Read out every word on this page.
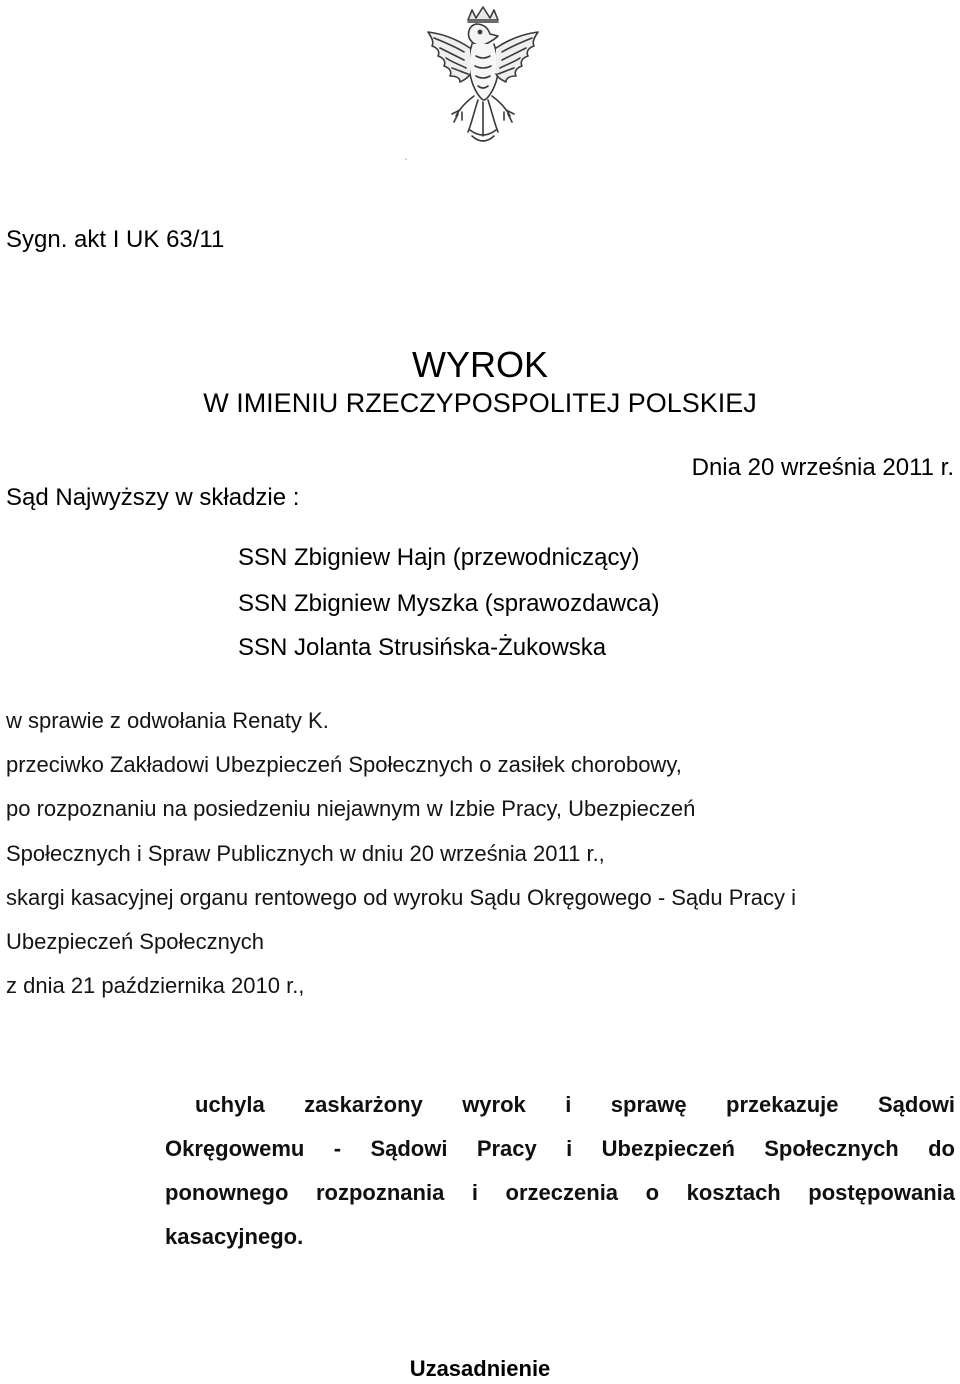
Sygn. akt I UK 63/11
WYROK
W IMIENIU RZECZYPOSPOLITEJ POLSKIEJ
Dnia 20 września 2011 r.
Sąd Najwyższy w składzie :
SSN Zbigniew Hajn (przewodniczący)
SSN Zbigniew Myszka (sprawozdawca)
SSN Jolanta Strusińska-Żukowska
w sprawie z odwołania Renaty K.
przeciwko Zakładowi Ubezpieczeń Społecznych o zasiłek chorobowy,
po rozpoznaniu na posiedzeniu niejawnym w Izbie Pracy, Ubezpieczeń
Społecznych i Spraw Publicznych w dniu 20 września 2011 r.,
skargi kasacyjnej organu rentowego od wyroku Sądu Okręgowego - Sądu Pracy i
Ubezpieczeń Społecznych
z dnia 21 października 2010 r.,
uchyla zaskarżony wyrok i sprawę przekazuje Sądowi
Okręgowemu - Sądowi Pracy i Ubezpieczeń Społecznych do
ponownego rozpoznania i orzeczenia o kosztach postępowania
kasacyjnego.
Uzasadnienie
